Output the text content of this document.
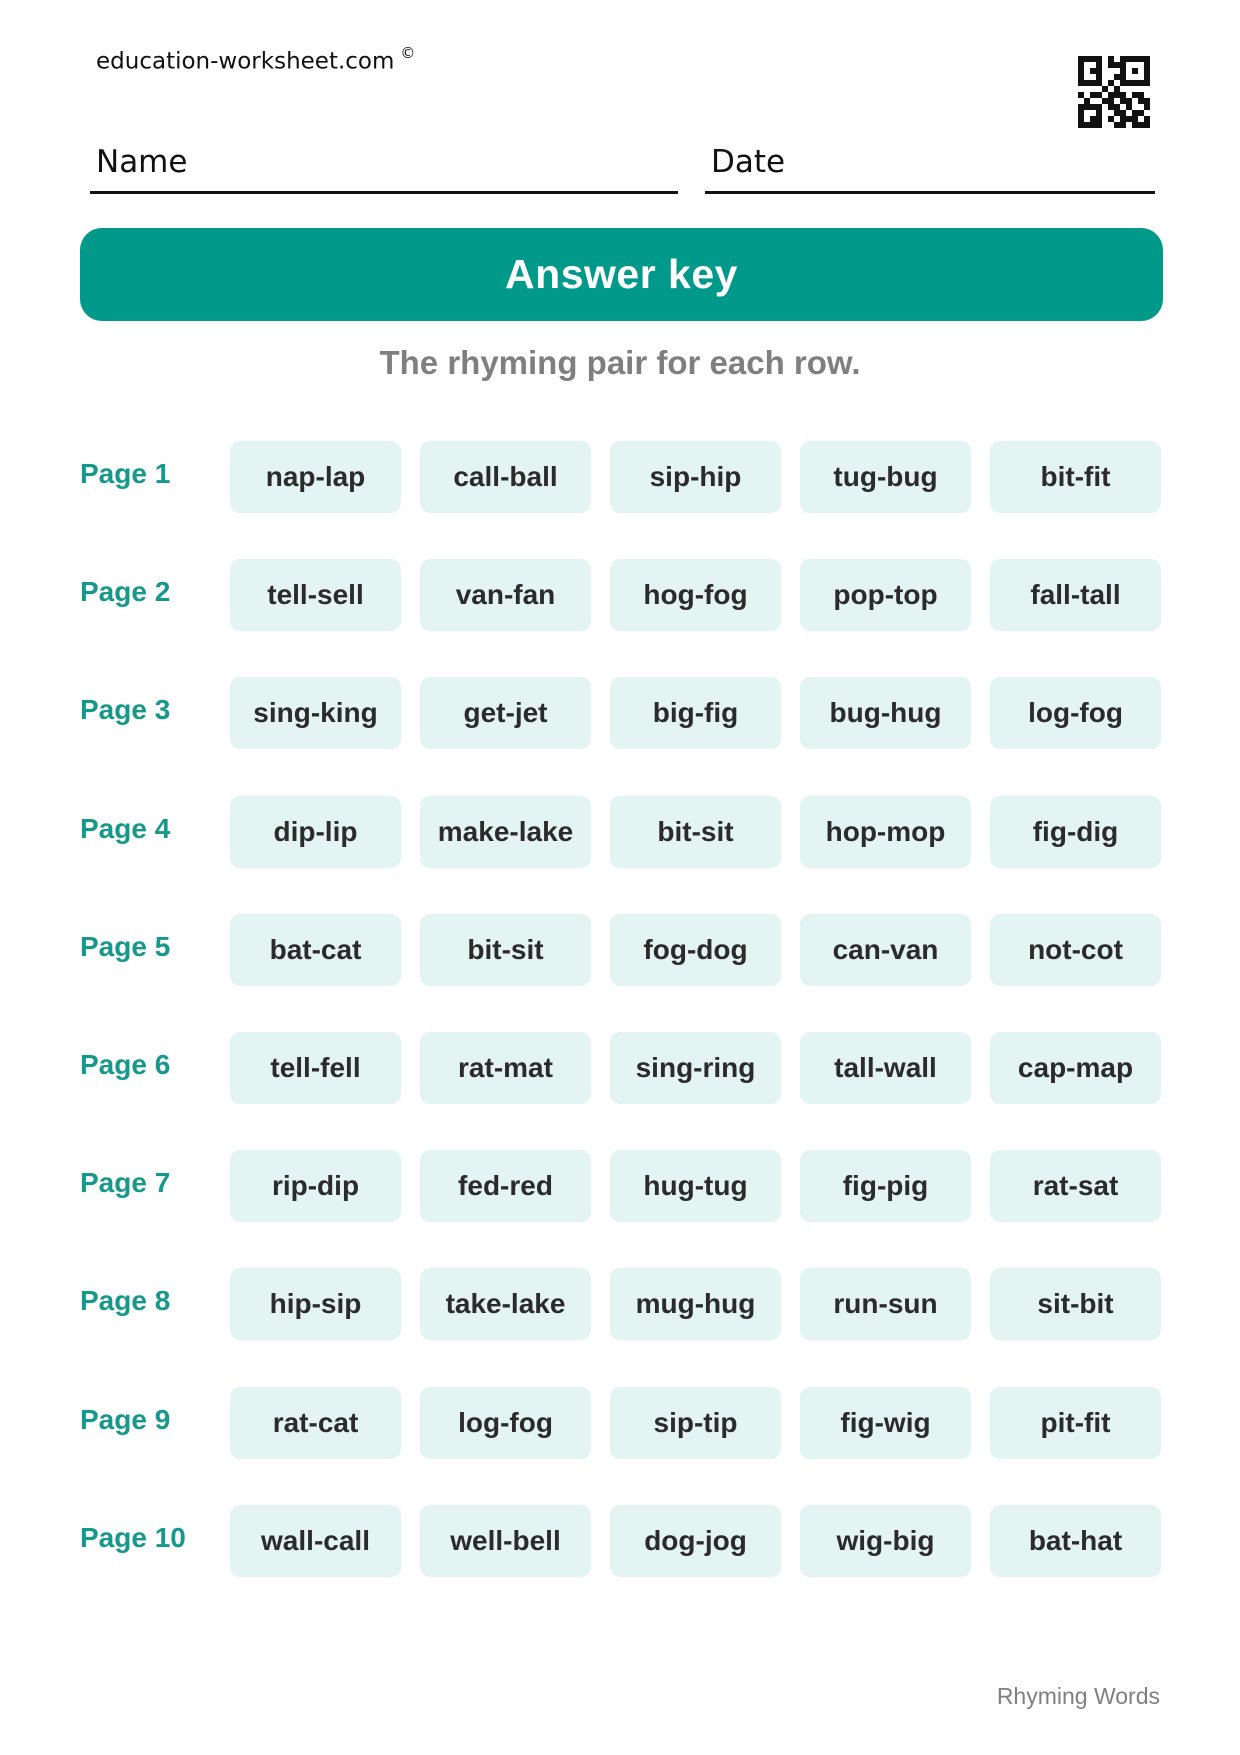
education-worksheet.com ©
Name	Date
Answer key
The rhyming pair for each row.
Page 1	nap-lap	call-ball	sip-hip	tug-bug	bit-fit
Page 2	tell-sell	van-fan	hog-fog	pop-top	fall-tall
Page 3	sing-king	get-jet	big-fig	bug-hug	log-fog
Page 4	dip-lip	make-lake	bit-sit	hop-mop	fig-dig
Page 5	bat-cat	bit-sit	fog-dog	can-van	not-cot
Page 6	tell-fell	rat-mat	sing-ring	tall-wall	cap-map
Page 7	rip-dip	fed-red	hug-tug	fig-pig	rat-sat
Page 8	hip-sip	take-lake	mug-hug	run-sun	sit-bit
Page 9	rat-cat	log-fog	sip-tip	fig-wig	pit-fit
Page 10	wall-call	well-bell	dog-jog	wig-big	bat-hat
Rhyming Words
